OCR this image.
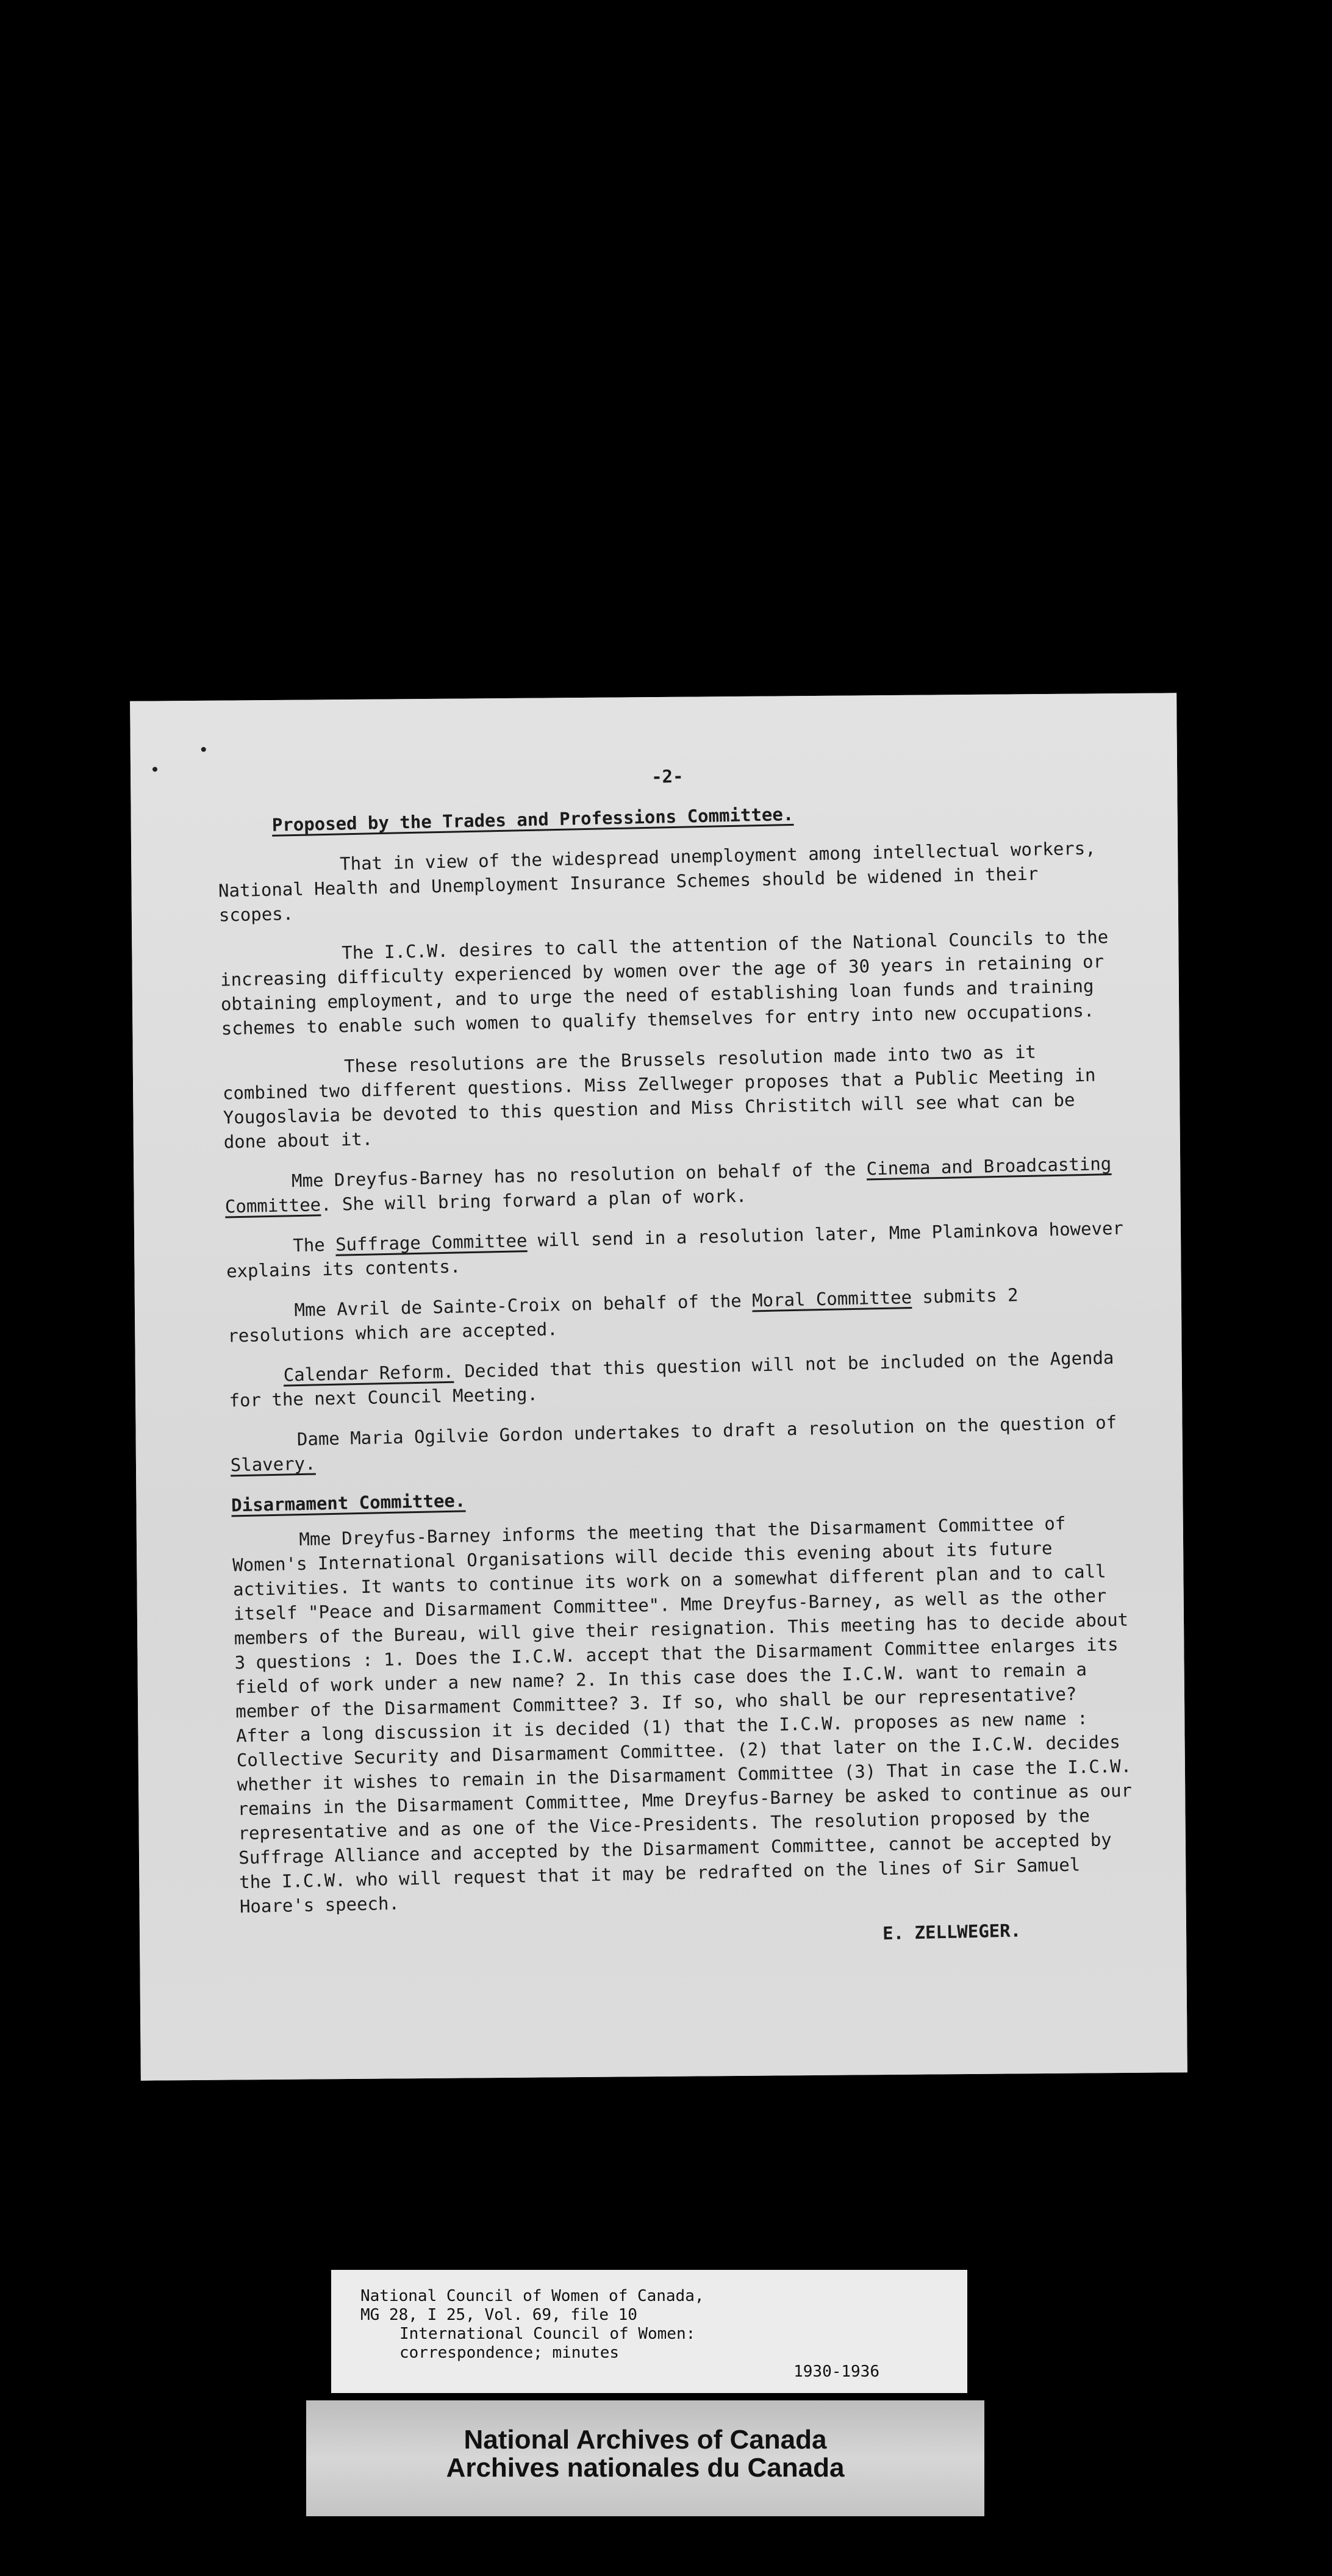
-2-

Proposed by the Trades and Professions Committee.

That in view of the widespread unemployment among intellectual workers, National Health and Unemployment Insurance Schemes should be widened in their scopes.

The I.C.W. desires to call the attention of the National Councils to the increasing difficulty experienced by women over the age of 30 years in retaining or obtaining employment, and to urge the need of establishing loan funds and training schemes to enable such women to qualify themselves for entry into new occupations.

These resolutions are the Brussels resolution made into two as it combined two different questions. Miss Zellweger proposes that a Public Meeting in Yougoslavia be devoted to this question and Miss Christitch will see what can be done about it.

Mme Dreyfus-Barney has no resolution on behalf of the Cinema and Broadcasting Committee. She will bring forward a plan of work.

The Suffrage Committee will send in a resolution later, Mme Plaminkova however explains its contents.

Mme Avril de Sainte-Croix on behalf of the Moral Committee submits 2 resolutions which are accepted.

Calendar Reform. Decided that this question will not be included on the Agenda for the next Council Meeting.

Dame Maria Ogilvie Gordon undertakes to draft a resolution on the question of Slavery.

Disarmament Committee.

Mme Dreyfus-Barney informs the meeting that the Disarmament Committee of Women's International Organisations will decide this evening about its future activities. It wants to continue its work on a somewhat different plan and to call itself "Peace and Disarmament Committee". Mme Dreyfus-Barney, as well as the other members of the Bureau, will give their resignation. This meeting has to decide about 3 questions : 1. Does the I.C.W. accept that the Disarmament Committee enlarges its field of work under a new name? 2. In this case does the I.C.W. want to remain a member of the Disarmament Committee? 3. If so, who shall be our representative? After a long discussion it is decided (1) that the I.C.W. proposes as new name : Collective Security and Disarmament Committee. (2) that later on the I.C.W. decides whether it wishes to remain in the Disarmament Committee (3) That in case the I.C.W. remains in the Disarmament Committee, Mme Dreyfus-Barney be asked to continue as our representative and as one of the Vice-Presidents. The resolution proposed by the Suffrage Alliance and accepted by the Disarmament Committee, cannot be accepted by the I.C.W. who will request that it may be redrafted on the lines of Sir Samuel Hoare's speech.

E. ZELLWEGER.

National Council of Women of Canada,
MG 28, I 25, Vol. 69, file 10
International Council of Women:
correspondence; minutes
1930-1936
National Archives of Canada
Archives nationales du Canada
